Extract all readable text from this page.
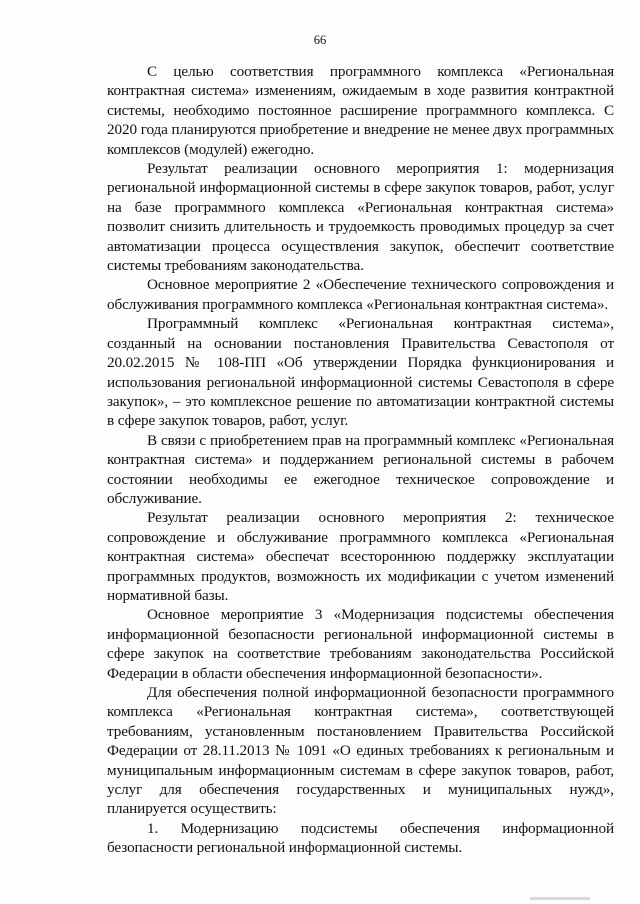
66

С целью соответствия программного комплекса «Региональная контрактная система» изменениям, ожидаемым в ходе развития контрактной системы, необходимо постоянное расширение программного комплекса. С 2020 года планируются приобретение и внедрение не менее двух программных комплексов (модулей) ежегодно.

Результат реализации основного мероприятия 1: модернизация региональной информационной системы в сфере закупок товаров, работ, услуг на базе программного комплекса «Региональная контрактная система» позволит снизить длительность и трудоемкость проводимых процедур за счет автоматизации процесса осуществления закупок, обеспечит соответствие системы требованиям законодательства.

Основное мероприятие 2 «Обеспечение технического сопровождения и обслуживания программного комплекса «Региональная контрактная система».

Программный комплекс «Региональная контрактная система», созданный на основании постановления Правительства Севастополя от 20.02.2015 № 108-ПП «Об утверждении Порядка функционирования и использования региональной информационной системы Севастополя в сфере закупок», – это комплексное решение по автоматизации контрактной системы в сфере закупок товаров, работ, услуг.

В связи с приобретением прав на программный комплекс «Региональная контрактная система» и поддержанием региональной системы в рабочем состоянии необходимы ее ежегодное техническое сопровождение и обслуживание.

Результат реализации основного мероприятия 2: техническое сопровождение и обслуживание программного комплекса «Региональная контрактная система» обеспечат всестороннюю поддержку эксплуатации программных продуктов, возможность их модификации с учетом изменений нормативной базы.

Основное мероприятие 3 «Модернизация подсистемы обеспечения информационной безопасности региональной информационной системы в сфере закупок на соответствие требованиям законодательства Российской Федерации в области обеспечения информационной безопасности».

Для обеспечения полной информационной безопасности программного комплекса «Региональная контрактная система», соответствующей требованиям, установленным постановлением Правительства Российской Федерации от 28.11.2013 № 1091 «О единых требованиях к региональным и муниципальным информационным системам в сфере закупок товаров, работ, услуг для обеспечения государственных и муниципальных нужд», планируется осуществить:

1. Модернизацию подсистемы обеспечения информационной безопасности региональной информационной системы.
